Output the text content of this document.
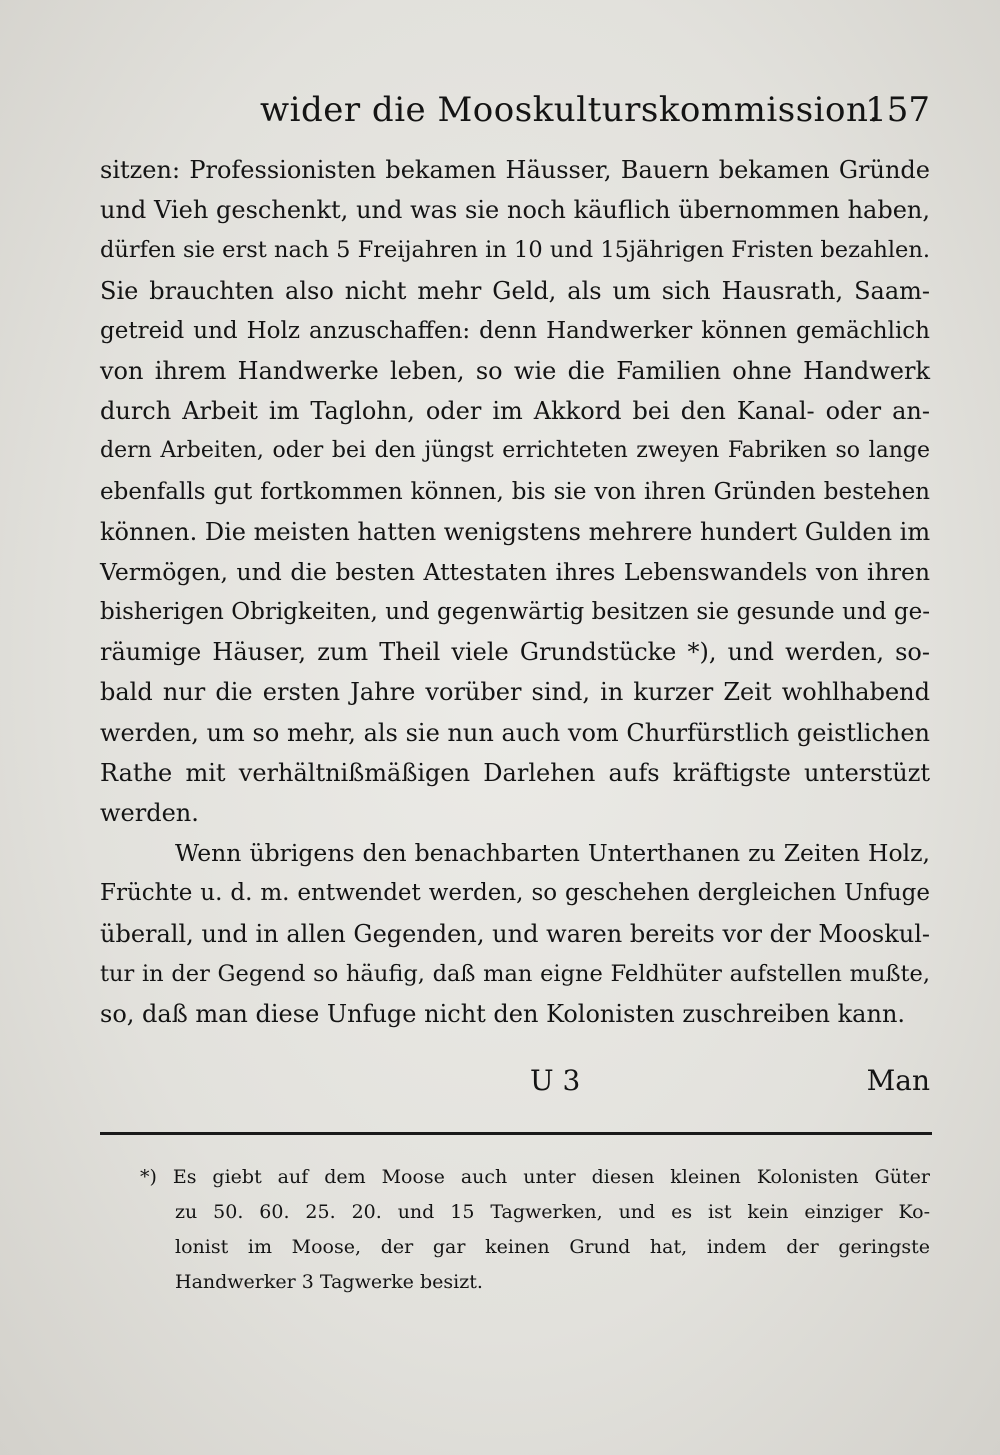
wider die Mooskulturskommission.
157
sitzen: Professionisten bekamen Häusser, Bauern bekamen Gründe
und Vieh geschenkt, und was sie noch käuflich übernommen haben,
dürfen sie erst nach 5 Freijahren in 10 und 15jährigen Fristen bezahlen.
Sie brauchten also nicht mehr Geld, als um sich Hausrath, Saam-
getreid und Holz anzuschaffen: denn Handwerker können gemächlich
von ihrem Handwerke leben, so wie die Familien ohne Handwerk
durch Arbeit im Taglohn, oder im Akkord bei den Kanal- oder an-
dern Arbeiten, oder bei den jüngst errichteten zweyen Fabriken so lange
ebenfalls gut fortkommen können, bis sie von ihren Gründen bestehen
können. Die meisten hatten wenigstens mehrere hundert Gulden im
Vermögen, und die besten Attestaten ihres Lebenswandels von ihren
bisherigen Obrigkeiten, und gegenwärtig besitzen sie gesunde und ge-
räumige Häuser, zum Theil viele Grundstücke *), und werden, so-
bald nur die ersten Jahre vorüber sind, in kurzer Zeit wohlhabend
werden, um so mehr, als sie nun auch vom Churfürstlich geistlichen
Rathe mit verhältnißmäßigen Darlehen aufs kräftigste unterstüzt
werden.
Wenn übrigens den benachbarten Unterthanen zu Zeiten Holz,
Früchte u. d. m. entwendet werden, so geschehen dergleichen Unfuge
überall, und in allen Gegenden, und waren bereits vor der Mooskul-
tur in der Gegend so häufig, daß man eigne Feldhüter aufstellen mußte,
so, daß man diese Unfuge nicht den Kolonisten zuschreiben kann.
U 3	Man
*) Es giebt auf dem Moose auch unter diesen kleinen Kolonisten Güter
zu 50. 60. 25. 20. und 15 Tagwerken, und es ist kein einziger Ko-
lonist im Moose, der gar keinen Grund hat, indem der geringste
Handwerker 3 Tagwerke besizt.
